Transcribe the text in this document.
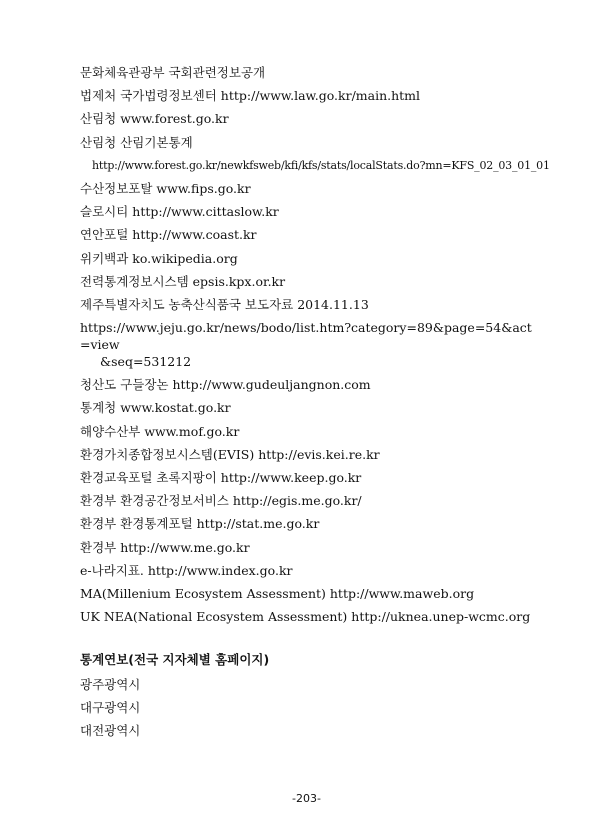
문화체육관광부 국회관련정보공개
법제처 국가법령정보센터 http://www.law.go.kr/main.html
산림청 www.forest.go.kr
산림청 산림기본통계
http://www.forest.go.kr/newkfsweb/kfi/kfs/stats/localStats.do?mn=KFS_02_03_01_01
수산정보포탈 www.fips.go.kr
슬로시티 http://www.cittaslow.kr
연안포털 http://www.coast.kr
위키백과 ko.wikipedia.org
전력통계정보시스템 epsis.kpx.or.kr
제주특별자치도 농축산식품국 보도자료 2014.11.13
https://www.jeju.go.kr/news/bodo/list.htm?category=89&page=54&act=view
&seq=531212
청산도 구들장논 http://www.gudeuljangnon.com
통계청 www.kostat.go.kr
해양수산부 www.mof.go.kr
환경가치종합정보시스템(EVIS) http://evis.kei.re.kr
환경교육포털 초록지팡이 http://www.keep.go.kr
환경부 환경공간정보서비스 http://egis.me.go.kr/
환경부 환경통계포털 http://stat.me.go.kr
환경부 http://www.me.go.kr
e-나라지표. http://www.index.go.kr
MA(Millenium Ecosystem Assessment) http://www.maweb.org
UK NEA(National Ecosystem Assessment) http://uknea.unep-wcmc.org
통계연보(전국 지자체별 홈페이지)
광주광역시
대구광역시
대전광역시
-203-
